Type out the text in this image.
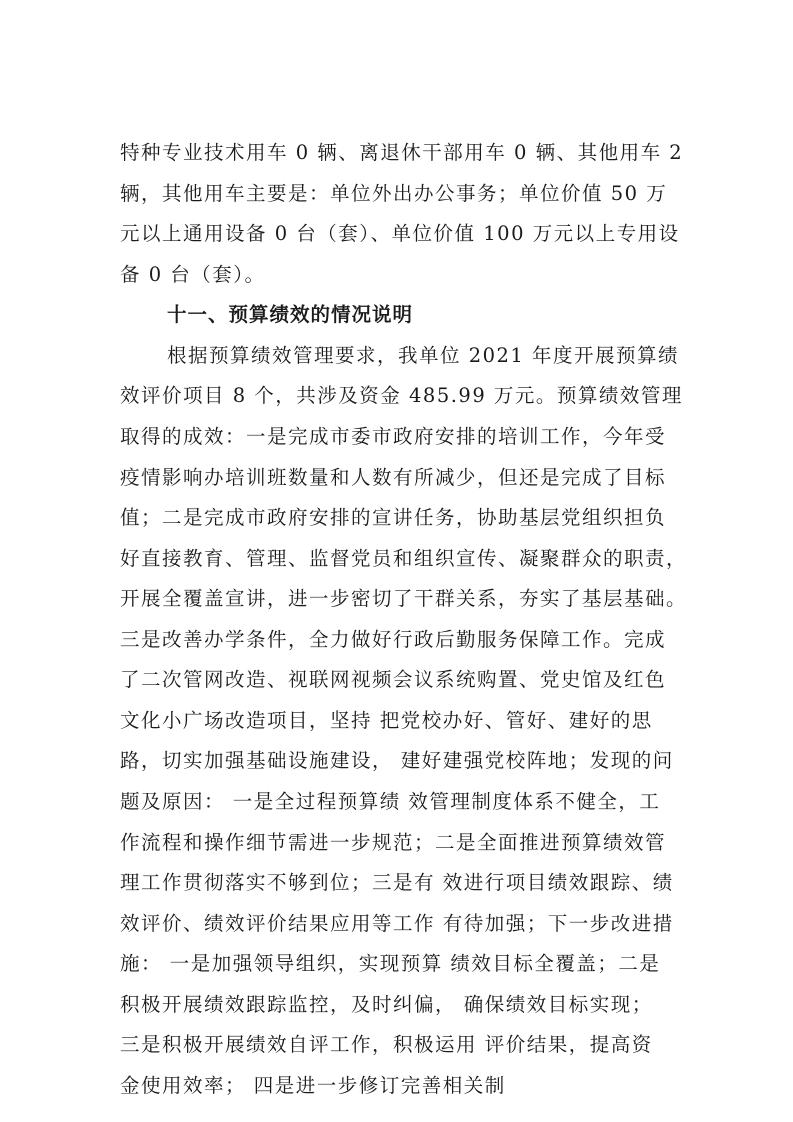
特种专业技术用车 0 辆、离退休干部用车 0 辆、其他用车 2
辆，其他用车主要是：单位外出办公事务；单位价值 50 万
元以上通用设备 0 台（套）、单位价值 100 万元以上专用设
备 0 台（套）。
十一、预算绩效的情况说明
根据预算绩效管理要求，我单位 2021 年度开展预算绩
效评价项目 8 个，共涉及资金 485.99 万元。预算绩效管理
取得的成效：一是完成市委市政府安排的培训工作，今年受
疫情影响办培训班数量和人数有所减少，但还是完成了目标
值；二是完成市政府安排的宣讲任务，协助基层党组织担负
好直接教育、管理、监督党员和组织宣传、凝聚群众的职责，
开展全覆盖宣讲，进一步密切了干群关系，夯实了基层基础。
三是改善办学条件，全力做好行政后勤服务保障工作。完成
了二次管网改造、视联网视频会议系统购置、党史馆及红色
文化小广场改造项目，坚持 把党校办好、管好、建好的思
路，切实加强基础设施建设， 建好建强党校阵地；发现的问
题及原因： 一是全过程预算绩 效管理制度体系不健全，工
作流程和操作细节需进一步规范；二是全面推进预算绩效管
理工作贯彻落实不够到位；三是有 效进行项目绩效跟踪、绩
效评价、绩效评价结果应用等工作 有待加强；下一步改进措
施： 一是加强领导组织，实现预算 绩效目标全覆盖；二是
积极开展绩效跟踪监控，及时纠偏， 确保绩效目标实现；
三是积极开展绩效自评工作，积极运用 评价结果，提高资
金使用效率； 四是进一步修订完善相关制
